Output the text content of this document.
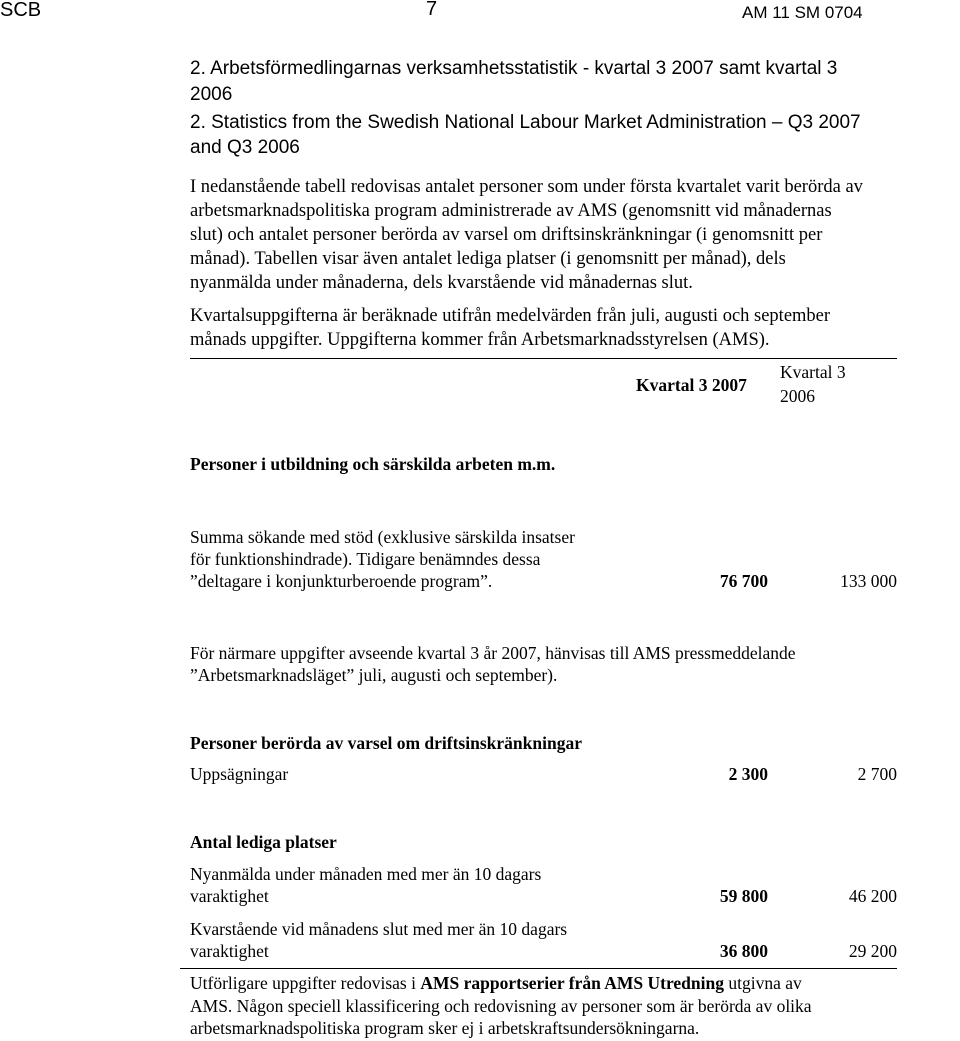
SCB	7	AM 11 SM 0704
2. Arbetsförmedlingarnas verksamhetsstatistik - kvartal 3 2007 samt kvartal 3
2006
2. Statistics from the Swedish National Labour Market Administration – Q3 2007
and Q3 2006
I nedanstående tabell redovisas antalet personer som under första kvartalet varit berörda av
arbetsmarknadspolitiska program administrerade av AMS (genomsnitt vid månadernas
slut) och antalet personer berörda av varsel om driftsinskränkningar (i genomsnitt per
månad). Tabellen visar även antalet lediga platser (i genomsnitt per månad), dels
nyanmälda under månaderna, dels kvarstående vid månadernas slut.
Kvartalsuppgifterna är beräknade utifrån medelvärden från juli, augusti och september
månads uppgifter. Uppgifterna kommer från Arbetsmarknadsstyrelsen (AMS).
Kvartal 3 2007
Kvartal 3
2006
Personer i utbildning och särskilda arbeten m.m.
Summa sökande med stöd (exklusive särskilda insatser
för funktionshindrade). Tidigare benämndes dessa
”deltagare i konjunkturberoende program”.	76 700	133 000
För närmare uppgifter avseende kvartal 3 år 2007, hänvisas till AMS pressmeddelande
”Arbetsmarknadsläget” juli, augusti och september).
Personer berörda av varsel om driftsinskränkningar
Uppsägningar	2 300	2 700
Antal lediga platser
Nyanmälda under månaden med mer än 10 dagars
varaktighet	59 800	46 200
Kvarstående vid månadens slut med mer än 10 dagars
varaktighet	36 800	29 200
Utförligare uppgifter redovisas i AMS rapportserier från AMS Utredning utgivna av
AMS. Någon speciell klassificering och redovisning av personer som är berörda av olika
arbetsmarknadspolitiska program sker ej i arbetskraftsundersökningarna.
